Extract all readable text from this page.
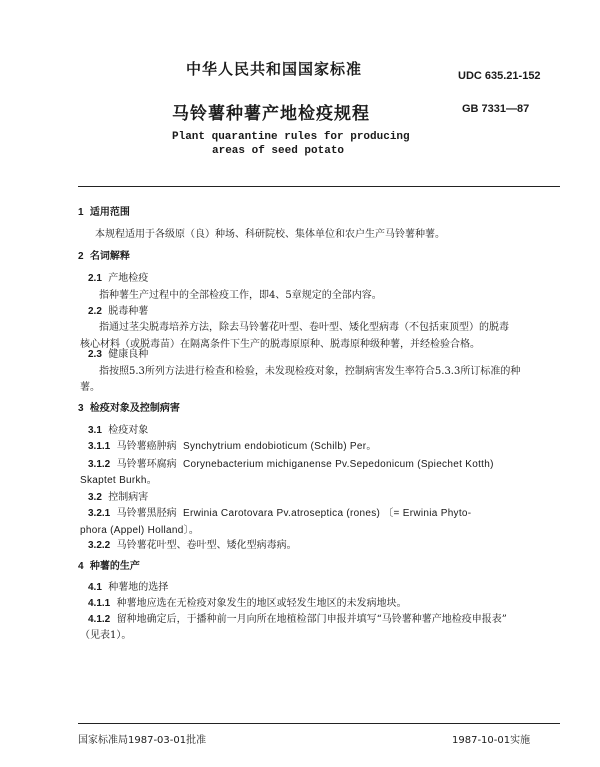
中华人民共和国国家标准	UDC 635.21-152
马铃薯种薯产地检疫规程	GB 7331—87
Plant quarantine rules for producing
areas of seed potato
1 适用范围
本规程适用于各级原（良）种场、科研院校、集体单位和农户生产马铃薯种薯。
2 名词解释
2.1 产地检疫
指种薯生产过程中的全部检疫工作，即4、5章规定的全部内容。
2.2 脱毒种薯
指通过茎尖脱毒培养方法，除去马铃薯花叶型、卷叶型、矮化型病毒（不包括束顶型）的脱毒
核心材料（或脱毒苗）在隔离条件下生产的脱毒原原种、脱毒原种级种薯，并经检验合格。
2.3 健康良种
指按照5.3所列方法进行检查和检验，未发现检疫对象，控制病害发生率符合5.3.3所订标准的种
薯。
3 检疫对象及控制病害
3.1 检疫对象
3.1.1 马铃薯癌肿病 Synchytrium endobioticum (Schilb) Per。
3.1.2 马铃薯环腐病 Corynebacterium michiganense Pv.Sepedonicum (Spiechet Kotth)
Skaptet Burkh。
3.2 控制病害
3.2.1 马铃薯黑胫病 Erwinia Carotovara Pv.atroseptica (rones) 〔= Erwinia Phyto-
phora (Appel) Holland〕。
3.2.2 马铃薯花叶型、卷叶型、矮化型病毒病。
4 种薯的生产
4.1 种薯地的选择
4.1.1 种薯地应选在无检疫对象发生的地区或轻发生地区的未发病地块。
4.1.2 留种地确定后，于播种前一月向所在地植检部门申报并填写“马铃薯种薯产地检疫申报表”
（见表1）。
国家标准局1987-03-01批准	1987-10-01实施
